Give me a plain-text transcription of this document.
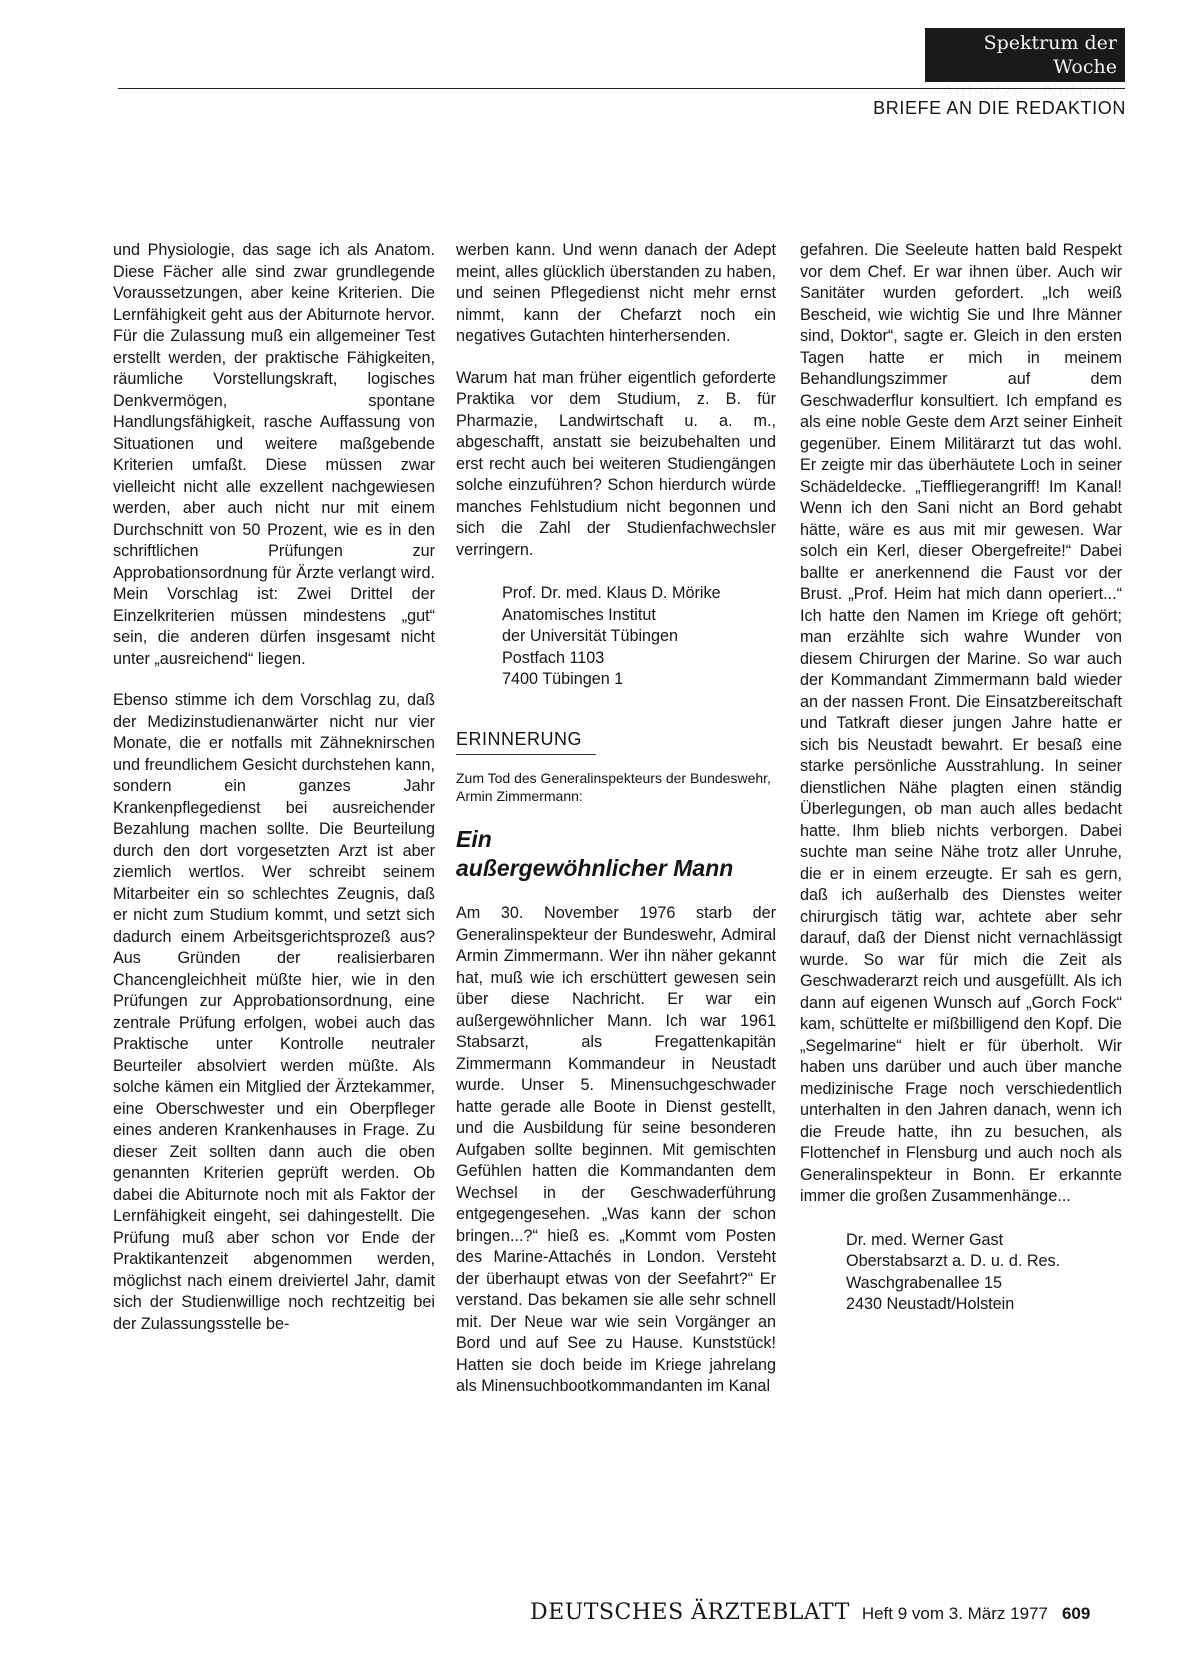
Spektrum der Woche
Aufsätze · Notizen
BRIEFE AN DIE REDAKTION

und Physiologie, das sage ich als Anatom. Diese Fächer alle sind zwar grundlegende Voraussetzungen, aber keine Kriterien. Die Lernfähigkeit geht aus der Abiturnote hervor. Für die Zulassung muß ein allgemeiner Test erstellt werden, der praktische Fähigkeiten, räumliche Vorstellungskraft, logisches Denkvermögen, spontane Handlungsfähigkeit, rasche Auffassung von Situationen und weitere maßgebende Kriterien umfaßt. Diese müssen zwar vielleicht nicht alle exzellent nachgewiesen werden, aber auch nicht nur mit einem Durchschnitt von 50 Prozent, wie es in den schriftlichen Prüfungen zur Approbationsordnung für Ärzte verlangt wird. Mein Vorschlag ist: Zwei Drittel der Einzelkriterien müssen mindestens „gut“ sein, die anderen dürfen insgesamt nicht unter „ausreichend“ liegen.

Ebenso stimme ich dem Vorschlag zu, daß der Medizinstudienanwärter nicht nur vier Monate, die er notfalls mit Zähneknirschen und freundlichem Gesicht durchstehen kann, sondern ein ganzes Jahr Krankenpflegedienst bei ausreichender Bezahlung machen sollte. Die Beurteilung durch den dort vorgesetzten Arzt ist aber ziemlich wertlos. Wer schreibt seinem Mitarbeiter ein so schlechtes Zeugnis, daß er nicht zum Studium kommt, und setzt sich dadurch einem Arbeitsgerichtsprozeß aus? Aus Gründen der realisierbaren Chancengleichheit müßte hier, wie in den Prüfungen zur Approbationsordnung, eine zentrale Prüfung erfolgen, wobei auch das Praktische unter Kontrolle neutraler Beurteiler absolviert werden müßte. Als solche kämen ein Mitglied der Ärztekammer, eine Oberschwester und ein Oberpfleger eines anderen Krankenhauses in Frage. Zu dieser Zeit sollten dann auch die oben genannten Kriterien geprüft werden. Ob dabei die Abiturnote noch mit als Faktor der Lernfähigkeit eingeht, sei dahingestellt. Die Prüfung muß aber schon vor Ende der Praktikantenzeit abgenommen werden, möglichst nach einem dreiviertel Jahr, damit sich der Studienwillige noch rechtzeitig bei der Zulassungsstelle be-

werben kann. Und wenn danach der Adept meint, alles glücklich überstanden zu haben, und seinen Pflegedienst nicht mehr ernst nimmt, kann der Chefarzt noch ein negatives Gutachten hinterhersenden.

Warum hat man früher eigentlich geforderte Praktika vor dem Studium, z. B. für Pharmazie, Landwirtschaft u. a. m., abgeschafft, anstatt sie beizubehalten und erst recht auch bei weiteren Studiengängen solche einzuführen? Schon hierdurch würde manches Fehlstudium nicht begonnen und sich die Zahl der Studienfachwechsler verringern.

Prof. Dr. med. Klaus D. Mörike
Anatomisches Institut
der Universität Tübingen
Postfach 1103
7400 Tübingen 1
ERINNERUNG
Zum Tod des Generalinspekteurs der Bundeswehr, Armin Zimmermann:
Ein
außergewöhnlicher Mann

Am 30. November 1976 starb der Generalinspekteur der Bundeswehr, Admiral Armin Zimmermann. Wer ihn näher gekannt hat, muß wie ich erschüttert gewesen sein über diese Nachricht. Er war ein außergewöhnlicher Mann. Ich war 1961 Stabsarzt, als Fregattenkapitän Zimmermann Kommandeur in Neustadt wurde. Unser 5. Minensuchgeschwader hatte gerade alle Boote in Dienst gestellt, und die Ausbildung für seine besonderen Aufgaben sollte beginnen. Mit gemischten Gefühlen hatten die Kommandanten dem Wechsel in der Geschwaderführung entgegengesehen. „Was kann der schon bringen...?“ hieß es. „Kommt vom Posten des Marine-Attachés in London. Versteht der überhaupt etwas von der Seefahrt?“ Er verstand. Das bekamen sie alle sehr schnell mit. Der Neue war wie sein Vorgänger an Bord und auf See zu Hause. Kunststück! Hatten sie doch beide im Kriege jahrelang als Minensuchbootkommandanten im Kanal

gefahren. Die Seeleute hatten bald Respekt vor dem Chef. Er war ihnen über. Auch wir Sanitäter wurden gefordert. „Ich weiß Bescheid, wie wichtig Sie und Ihre Männer sind, Doktor“, sagte er. Gleich in den ersten Tagen hatte er mich in meinem Behandlungszimmer auf dem Geschwaderflur konsultiert. Ich empfand es als eine noble Geste dem Arzt seiner Einheit gegenüber. Einem Militärarzt tut das wohl. Er zeigte mir das überhäutete Loch in seiner Schädeldecke. „Tieffliegerangriff! Im Kanal! Wenn ich den Sani nicht an Bord gehabt hätte, wäre es aus mit mir gewesen. War solch ein Kerl, dieser Obergefreite!“ Dabei ballte er anerkennend die Faust vor der Brust. „Prof. Heim hat mich dann operiert...“ Ich hatte den Namen im Kriege oft gehört; man erzählte sich wahre Wunder von diesem Chirurgen der Marine. So war auch der Kommandant Zimmermann bald wieder an der nassen Front. Die Einsatzbereitschaft und Tatkraft dieser jungen Jahre hatte er sich bis Neustadt bewahrt. Er besaß eine starke persönliche Ausstrahlung. In seiner dienstlichen Nähe plagten einen ständig Überlegungen, ob man auch alles bedacht hatte. Ihm blieb nichts verborgen. Dabei suchte man seine Nähe trotz aller Unruhe, die er in einem erzeugte. Er sah es gern, daß ich außerhalb des Dienstes weiter chirurgisch tätig war, achtete aber sehr darauf, daß der Dienst nicht vernachlässigt wurde. So war für mich die Zeit als Geschwaderarzt reich und ausgefüllt. Als ich dann auf eigenen Wunsch auf „Gorch Fock“ kam, schüttelte er mißbilligend den Kopf. Die „Segelmarine“ hielt er für überholt. Wir haben uns darüber und auch über manche medizinische Frage noch verschiedentlich unterhalten in den Jahren danach, wenn ich die Freude hatte, ihn zu besuchen, als Flottenchef in Flensburg und auch noch als Generalinspekteur in Bonn. Er erkannte immer die großen Zusammenhänge...

Dr. med. Werner Gast
Oberstabsarzt a. D. u. d. Res.
Waschgrabenallee 15
2430 Neustadt/Holstein
DEUTSCHES ÄRZTEBLATT Heft 9 vom 3. März 1977 609
